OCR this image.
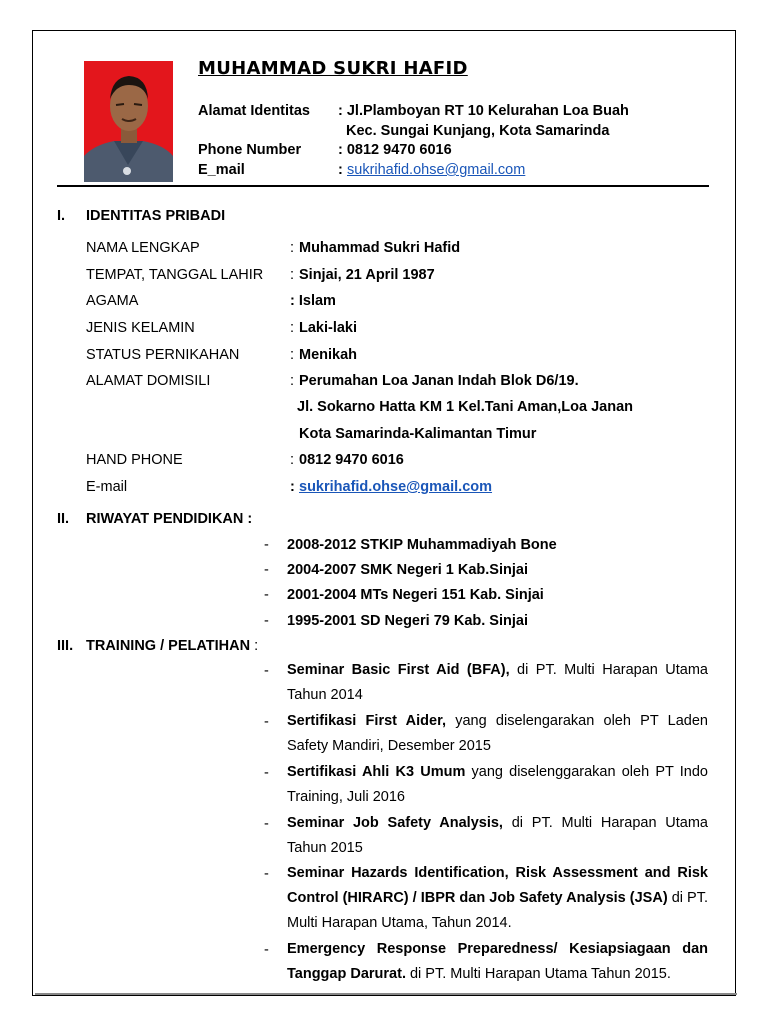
MUHAMMAD SUKRI HAFID
Alamat Identitas : Jl.Plamboyan RT 10 Kelurahan Loa Buah
Kec. Sungai Kunjang, Kota Samarinda
Phone Number	: 0812 9470 6016
E_mail	: sukrihafid.ohse@gmail.com
I. IDENTITAS PRIBADI
NAMA LENGKAP	: Muhammad Sukri Hafid
TEMPAT, TANGGAL LAHIR : Sinjai, 21 April 1987
AGAMA	: Islam
JENIS KELAMIN	: Laki-laki
STATUS PERNIKAHAN	: Menikah
ALAMAT DOMISILI	: Perumahan Loa Janan Indah Blok D6/19.
Jl. Sokarno Hatta KM 1 Kel.Tani Aman,Loa Janan
Kota Samarinda-Kalimantan Timur
HAND PHONE	: 0812 9470 6016
E-mail	: sukrihafid.ohse@gmail.com
II. RIWAYAT PENDIDIKAN :
- 2008-2012 STKIP Muhammadiyah Bone
- 2004-2007 SMK Negeri 1 Kab.Sinjai
- 2001-2004 MTs Negeri 151 Kab. Sinjai
- 1995-2001 SD Negeri 79 Kab. Sinjai
III. TRAINING / PELATIHAN :
- Seminar Basic First Aid (BFA), di PT. Multi Harapan Utama Tahun 2014
- Sertifikasi First Aider, yang diselengarakan oleh PT Laden Safety Mandiri, Desember 2015
- Sertifikasi Ahli K3 Umum yang diselenggarakan oleh PT Indo Training, Juli 2016
- Seminar Job Safety Analysis, di PT. Multi Harapan Utama Tahun 2015
- Seminar Hazards Identification, Risk Assessment and Risk Control (HIRARC) / IBPR dan Job Safety Analysis (JSA) di PT. Multi Harapan Utama, Tahun 2014.
- Emergency Response Preparedness/ Kesiapsiagaan dan Tanggap Darurat. di PT. Multi Harapan Utama Tahun 2015.
